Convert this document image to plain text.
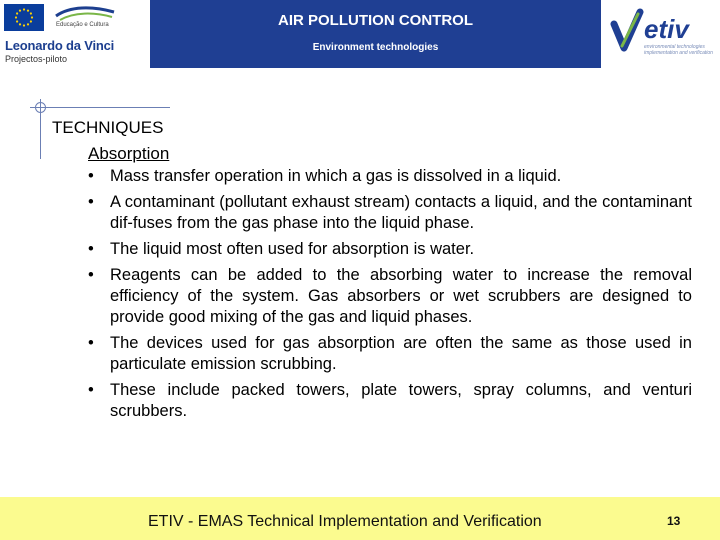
Educação e Cultura
Leonardo da Vinci
Projectos-piloto
AIR POLLUTION CONTROL
Environment technologies
etiv
environmental technologies
implementation and verification

TECHNIQUES

Absorption

• Mass transfer operation in which a gas is dissolved in a liquid.
• A contaminant (pollutant exhaust stream) contacts a liquid, and the contaminant dif-fuses from the gas phase into the liquid phase.
• The liquid most often used for absorption is water.
• Reagents can be added to the absorbing water to increase the removal efficiency of the system. Gas absorbers or wet scrubbers are designed to provide good mixing of the gas and liquid phases.
• The devices used for gas absorption are often the same as those used in particulate emission scrubbing.
• These include packed towers, plate towers, spray columns, and venturi scrubbers.
ETIV - EMAS Technical Implementation and Verification	13
